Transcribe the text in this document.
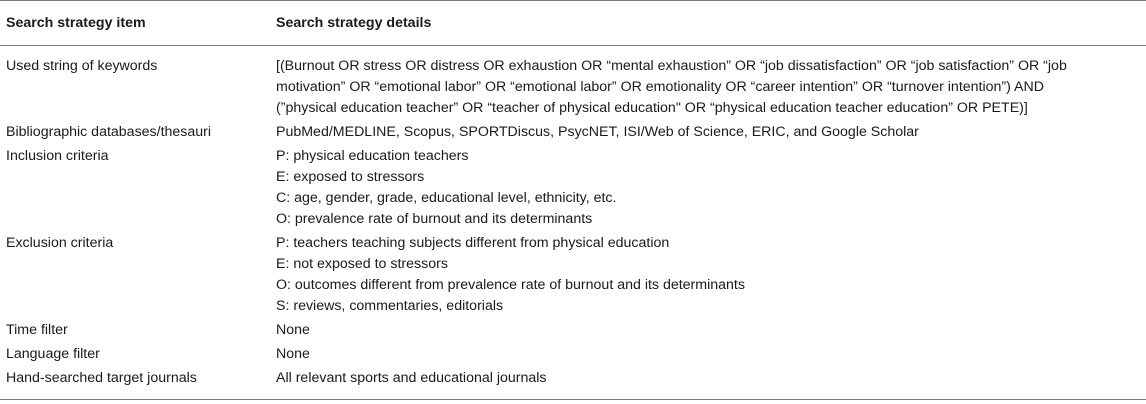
Search strategy item	Search strategy details
Used string of keywords	[(Burnout OR stress OR distress OR exhaustion OR “mental exhaustion” OR “job dissatisfaction” OR “job satisfaction” OR “job
motivation” OR “emotional labor” OR “emotional labor” OR emotionality OR “career intention” OR “turnover intention”) AND
(”physical education teacher” OR “teacher of physical education" OR “physical education teacher education” OR PETE)]

Bibliographic databases/thesauri	PubMed/MEDLINE, Scopus, SPORTDiscus, PsycNET, ISI/Web of Science, ERIC, and Google Scholar

Inclusion criteria	P: physical education teachers
E: exposed to stressors
C: age, gender, grade, educational level, ethnicity, etc.
O: prevalence rate of burnout and its determinants

Exclusion criteria	P: teachers teaching subjects different from physical education
E: not exposed to stressors
O: outcomes different from prevalence rate of burnout and its determinants
S: reviews, commentaries, editorials

Time filter	None

Language filter	None

Hand-searched target journals	All relevant sports and educational journals
